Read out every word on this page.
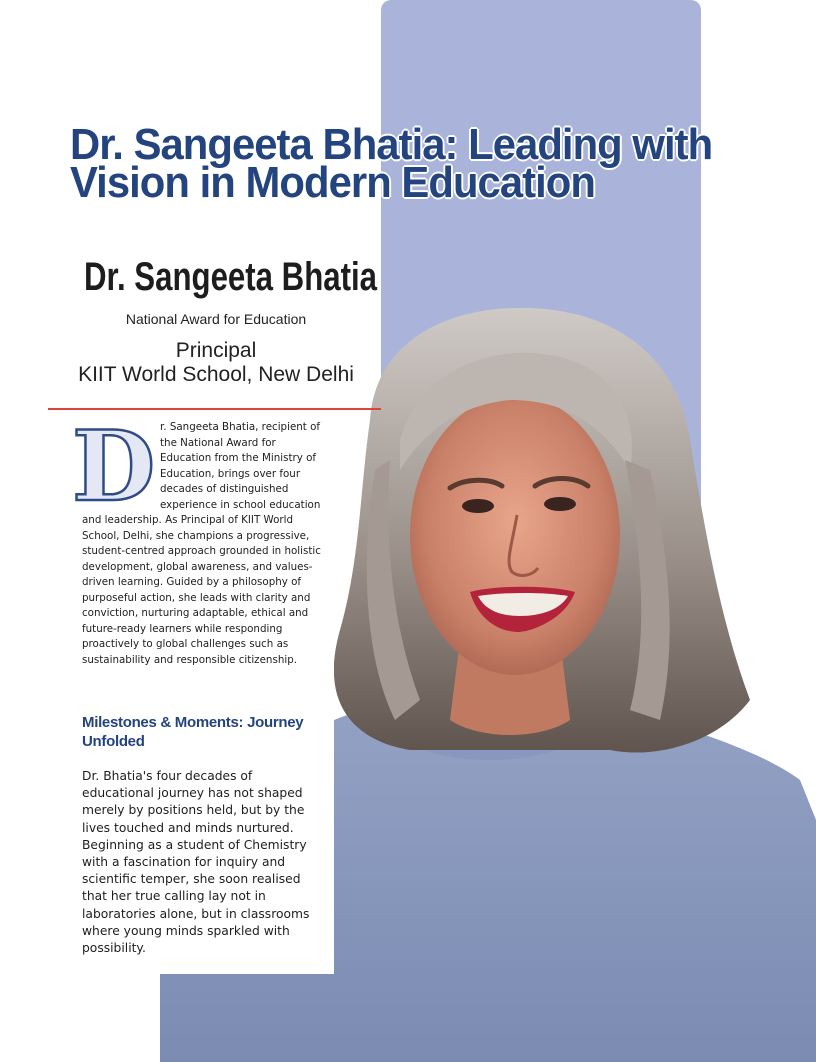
Dr. Sangeeta Bhatia: Leading with
Vision in Modern Education
Dr. Sangeeta Bhatia
National Award for Education
Principal
KIIT World School, New Delhi
D r. Sangeeta Bhatia, recipient of the National Award for Education from the Ministry of Education, brings over four decades of distinguished experience in school education and leadership. As Principal of KIIT World School, Delhi, she champions a progressive, student-centred approach grounded in holistic development, global awareness, and values-driven learning. Guided by a philosophy of purposeful action, she leads with clarity and conviction, nurturing adaptable, ethical and future-ready learners while responding proactively to global challenges such as sustainability and responsible citizenship.

Milestones & Moments: Journey Unfolded

Dr. Bhatia's four decades of educational journey has not shaped merely by positions held, but by the lives touched and minds nurtured. Beginning as a student of Chemistry with a fascination for inquiry and scientific temper, she soon realised that her true calling lay not in laboratories alone, but in classrooms where young minds sparkled with possibility.
